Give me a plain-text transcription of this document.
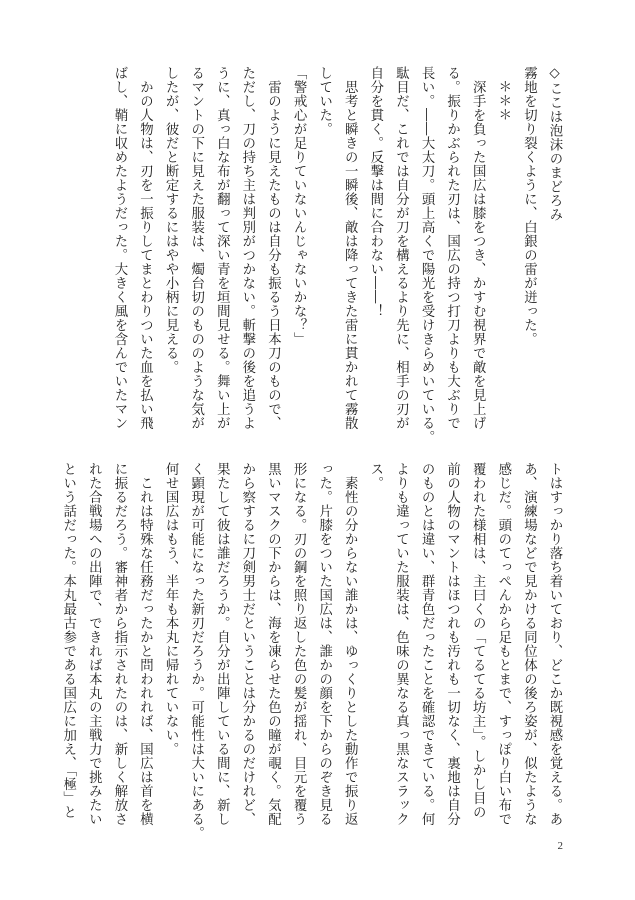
◇ここは泡沫のまどろみ

霧地を切り裂くように、白銀の雷が迸った。

　＊＊＊

　深手を負った国広は膝をつき、かすむ視界で敵を見上げ

る。振りかぶられた刃は、国広の持つ打刀よりも大ぶりで

長い。――大太刀。頭上高くで陽光を受けきらめいている。

駄目だ、これでは自分が刀を構えるより先に、相手の刃が

自分を貫く。反撃は間に合わない――！

　思考と瞬きの一瞬後、敵は降ってきた雷に貫かれて霧散

していた。

「警戒心が足りていないんじゃないかな？」

　雷のように見えたものは自分も振るう日本刀のもので、

ただし、刀の持ち主は判別がつかない。斬撃の後を追うよ

うに、真っ白な布が翻って深い青を垣間見せる。舞い上が

るマントの下に見えた服装は、燭台切のもののような気が

したが、彼だと断定するにはやや小柄に見える。

　かの人物は、刃を一振りしてまとわりついた血を払い飛

ばし、鞘に収めたようだった。大きく風を含んでいたマン

トはすっかり落ち着いており、どこか既視感を覚える。あ

あ、演練場などで見かける同位体の後ろ姿が、似たような

感じだ。頭のてっぺんから足もとまで、すっぽり白い布で

覆われた様相は、主曰くの「てるてる坊主」。しかし目の

前の人物のマントはほつれも汚れも一切なく、裏地は自分

のものとは違い、群青色だったことを確認できている。何

よりも違っていた服装は、色味の異なる真っ黒なスラック

ス。

　素性の分からない誰かは、ゆっくりとした動作で振り返

った。片膝をついた国広は、誰かの顔を下からのぞき見る

形になる。刃の鋼を照り返した色の髪が揺れ、目元を覆う

黒いマスクの下からは、海を凍らせた色の瞳が覗く。気配

から察するに刀剣男士だということは分かるのだけれど、

果たして彼は誰だろうか。自分が出陣している間に、新し

く顕現が可能になった新刃だろうか。可能性は大いにある。

何せ国広はもう、半年も本丸に帰れていない。

　これは特殊な任務だったかと問われれば、国広は首を横

に振るだろう。審神者から指示されたのは、新しく解放さ

れた合戦場への出陣で、できれば本丸の主戦力で挑みたい

という話だった。本丸最古参である国広に加え、「極」と

2
